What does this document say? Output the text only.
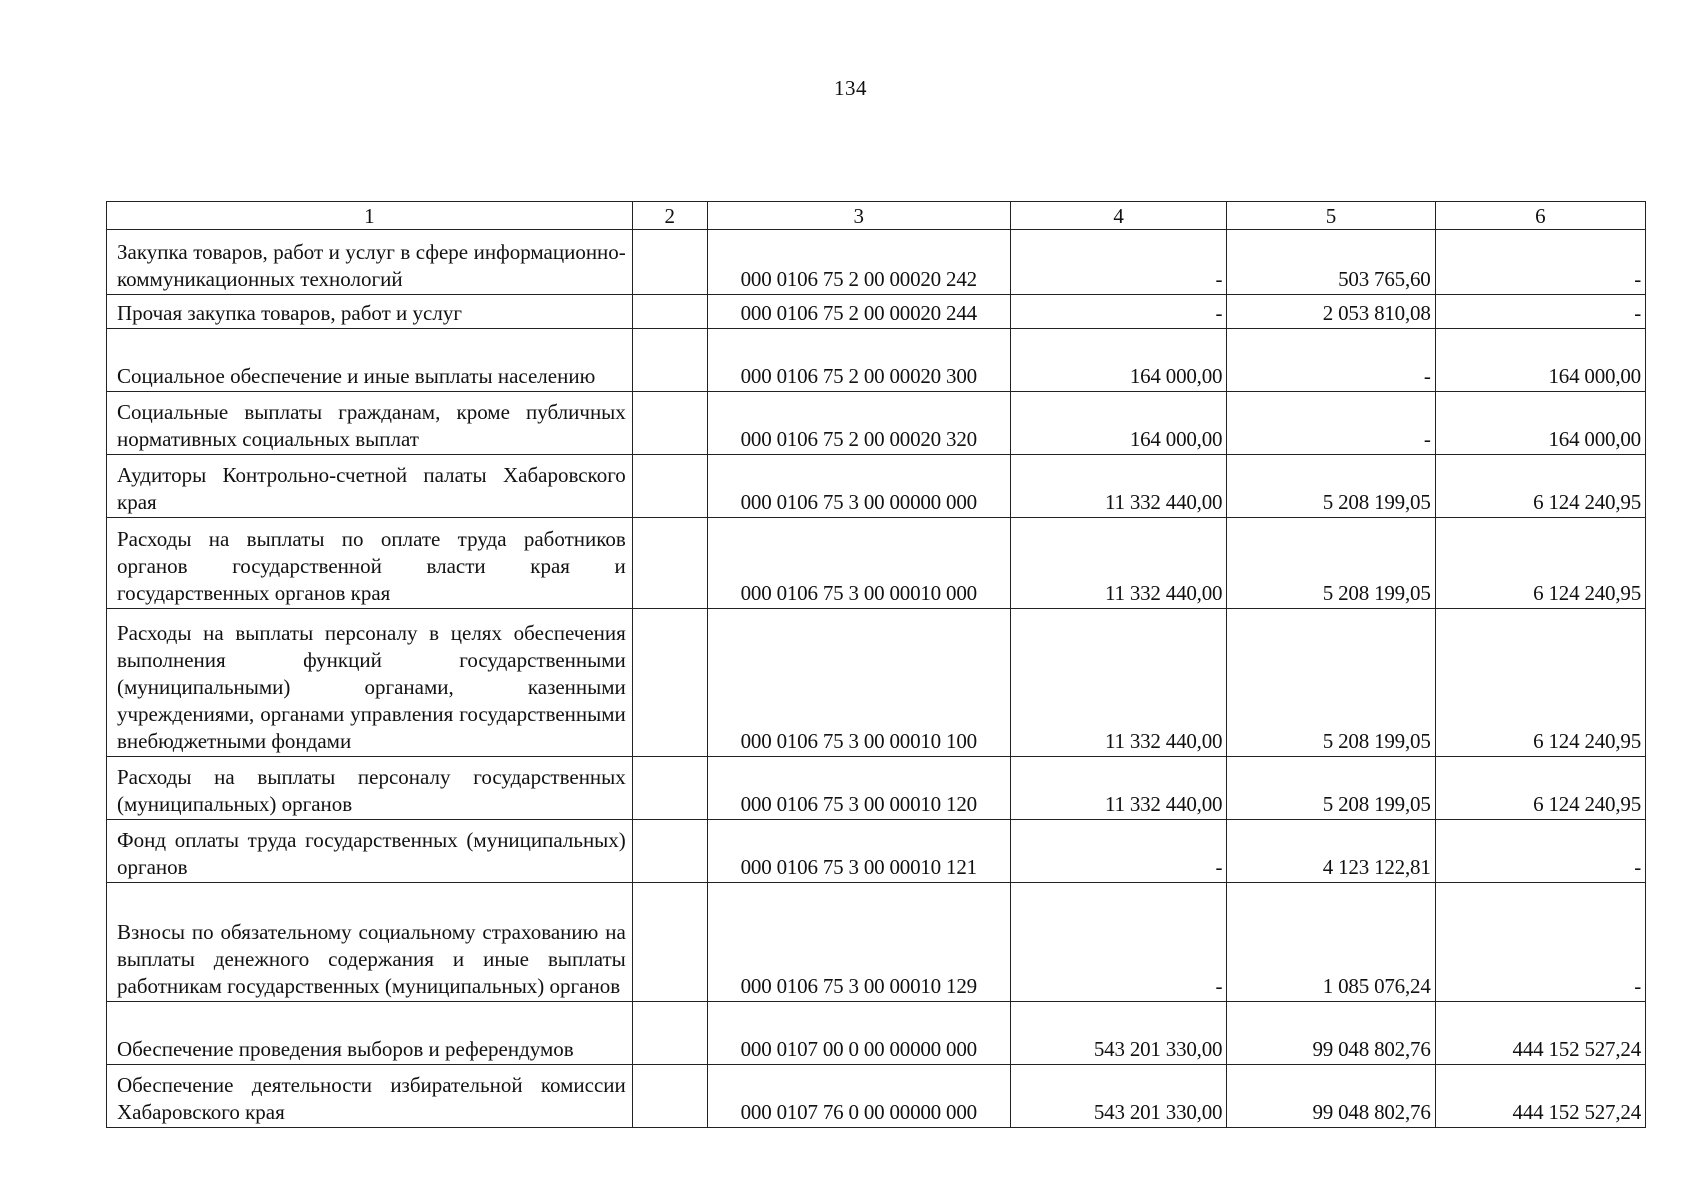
134
1	2	3	4	5	6
Закупка товаров, работ и услуг в сфере информационно-коммуникационных технологий		000 0106 75 2 00 00020 242	-	503 765,60	-
Прочая закупка товаров, работ и услуг		000 0106 75 2 00 00020 244	-	2 053 810,08	-
Социальное обеспечение и иные выплаты населению		000 0106 75 2 00 00020 300	164 000,00	-	164 000,00
Социальные выплаты гражданам, кроме публичных нормативных социальных выплат		000 0106 75 2 00 00020 320	164 000,00	-	164 000,00
Аудиторы Контрольно-счетной палаты Хабаровского края		000 0106 75 3 00 00000 000	11 332 440,00	5 208 199,05	6 124 240,95
Расходы на выплаты по оплате труда работников органов государственной власти края и государственных органов края		000 0106 75 3 00 00010 000	11 332 440,00	5 208 199,05	6 124 240,95
Расходы на выплаты персоналу в целях обеспечения выполнения функций государственными (муниципальными) органами, казенными учреждениями, органами управления государственными внебюджетными фондами		000 0106 75 3 00 00010 100	11 332 440,00	5 208 199,05	6 124 240,95
Расходы на выплаты персоналу государственных (муниципальных) органов		000 0106 75 3 00 00010 120	11 332 440,00	5 208 199,05	6 124 240,95
Фонд оплаты труда государственных (муниципальных) органов		000 0106 75 3 00 00010 121	-	4 123 122,81	-
Взносы по обязательному социальному страхованию на выплаты денежного содержания и иные выплаты работникам государственных (муниципальных) органов		000 0106 75 3 00 00010 129	-	1 085 076,24	-
Обеспечение проведения выборов и референдумов		000 0107 00 0 00 00000 000	543 201 330,00	99 048 802,76	444 152 527,24
Обеспечение деятельности избирательной комиссии Хабаровского края		000 0107 76 0 00 00000 000	543 201 330,00	99 048 802,76	444 152 527,24
